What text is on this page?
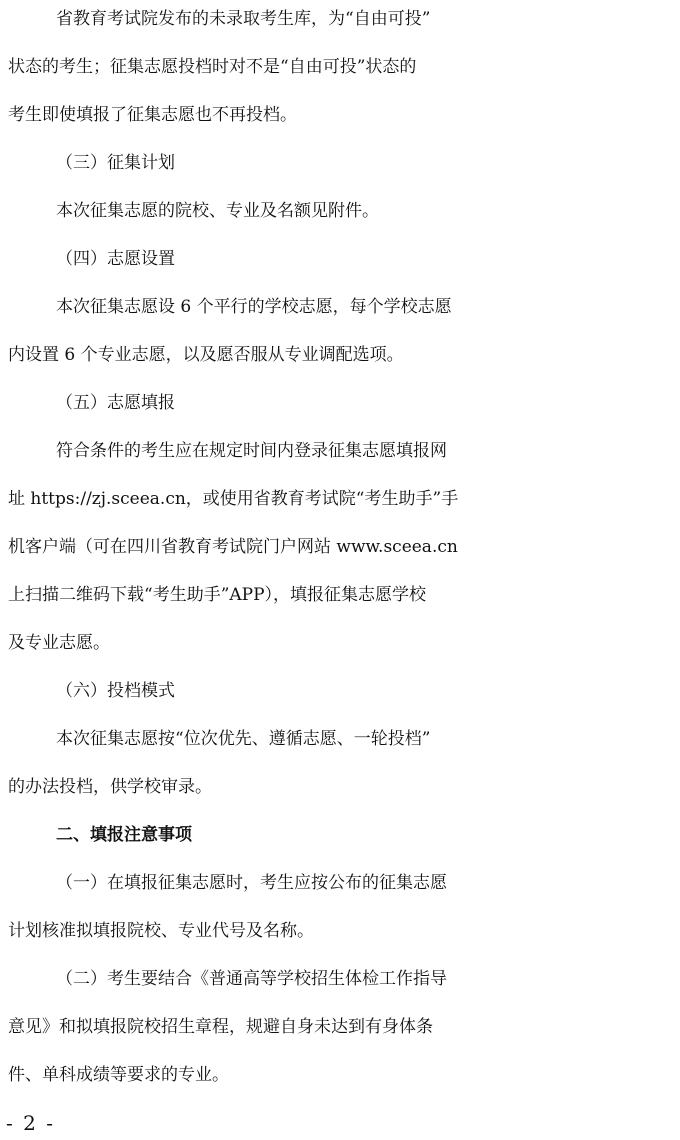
省教育考试院发布的未录取考生库，为“自由可投”
状态的考生；征集志愿投档时对不是“自由可投”状态的
考生即使填报了征集志愿也不再投档。
（三）征集计划
本次征集志愿的院校、专业及名额见附件。
（四）志愿设置
本次征集志愿设 6 个平行的学校志愿，每个学校志愿
内设置 6 个专业志愿，以及愿否服从专业调配选项。
（五）志愿填报
符合条件的考生应在规定时间内登录征集志愿填报网
址 https://zj.sceea.cn，或使用省教育考试院“考生助手”手
机客户端（可在四川省教育考试院门户网站 www.sceea.cn
上扫描二维码下载“考生助手”APP），填报征集志愿学校
及专业志愿。
（六）投档模式
本次征集志愿按“位次优先、遵循志愿、一轮投档”
的办法投档，供学校审录。
二、填报注意事项
（一）在填报征集志愿时，考生应按公布的征集志愿
计划核准拟填报院校、专业代号及名称。
（二）考生要结合《普通高等学校招生体检工作指导
意见》和拟填报院校招生章程，规避自身未达到有身体条
件、单科成绩等要求的专业。
- 2 -
